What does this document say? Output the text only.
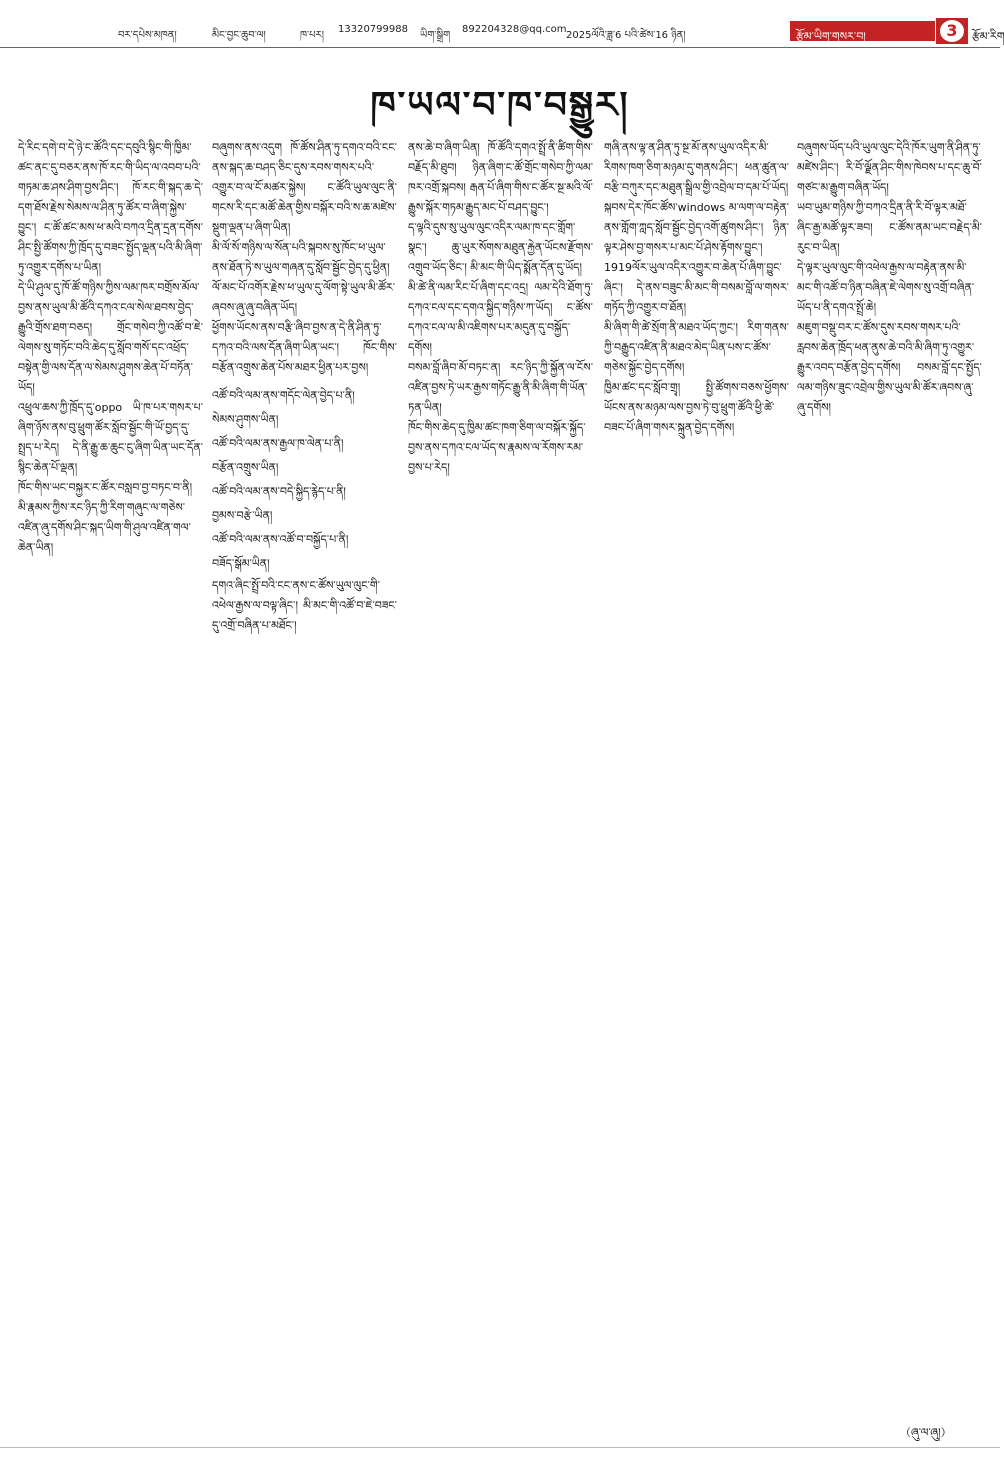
བར་དཔེས་མཁན།	མིང་བྱང་ཆུབ་ལ།	ཁ་པར།
13320799988
ཡིག་སྒྲིག
892204328@qq.com
2025ལོའི་ཟླ་6 པའི་ཚེས་16 ཉིན།	རྩོམ་ཡིག་གསར་བ།	3	རྩོམ་རིག
ཁ་ཡལ་བ་ཁ་བསྒྱུར།
དེ་རིང་དགེ་བ་དེ་ཉེ་ང་ཚོའི་དང་དབུའི་སྙིང་གི་ཁྱིམ་ཚང་ནང་དུ་བཅར་ནས་ཁོ་རང་གི་ཡིད་ལ་འབབ་པའི་གཏམ་ཆ་ཤས་ཤིག་བྱས་ཤིང་། ཁོ་རང་གི་སྐད་ཆ་དེ་དག་ཐོས་རྗེས་སེམས་ལ་ཤིན་ཏུ་ཚོར་བ་ཞིག་སྐྱེས་བྱུང་། ང་ཚོ་ཚང་མས་ཕ་མའི་བཀའ་དྲིན་དྲན་དགོས་ཤིང་སྤྱི་ཚོགས་ཀྱི་ཁྲོད་དུ་བཟང་སྤྱོད་ལྡན་པའི་མི་ཞིག་ཏུ་འགྱུར་དགོས་པ་ཡིན།
དེ་ཡི་ཤུལ་དུ་ཁོ་ཚོ་གཉིས་ཀྱིས་ལམ་ཁར་བགྲོས་མོལ་བྱས་ནས་ཡུལ་མི་ཚོའི་དཀའ་ངལ་སེལ་ཐབས་བྱེད་རྒྱུའི་གྲོས་ཐག་བཅད། གྲོང་གསེབ་ཀྱི་འཚོ་བ་ཇེ་ལེགས་སུ་གཏོང་བའི་ཆེད་དུ་སློབ་གསོ་དང་འཕྲོད་བསྟེན་གྱི་ལས་དོན་ལ་སེམས་ཤུགས་ཆེན་པོ་བཏོན་ཡོད།
འཕྲུལ་ཆས་ཀྱི་ཁྲོད་དུ་oppo ཡི་ཁ་པར་གསར་པ་ཞིག་ཉོས་ནས་བུ་ཕྲུག་ཚོར་སློབ་སྦྱོང་གི་ཡོ་བྱད་དུ་སྤྲད་པ་རེད། དེ་ནི་རྒྱུ་ཆ་ཆུང་ངུ་ཞིག་ཡིན་ཡང་དོན་སྙིང་ཆེན་པོ་ལྡན།
ཁོང་གིས་ཡང་བསྐྱར་ང་ཚོར་བསླབ་བྱ་བཏང་བ་ནི། མི་རྣམས་ཀྱིས་རང་ཉིད་ཀྱི་རིག་གཞུང་ལ་གཅེས་འཛིན་ཞུ་དགོས་ཤིང་སྐད་ཡིག་གི་ཤུལ་འཛིན་གལ་ཆེན་ཡིན།
བཞུགས་ནས་འདུག ཁོ་ཚོས་ཤིན་ཏུ་དགའ་བའི་ངང་ནས་སྐད་ཆ་བཤད་ཅིང་དུས་རབས་གསར་པའི་འགྱུར་བ་ལ་ངོ་མཚར་སྐྱེས། ང་ཚོའི་ཡུལ་ལུང་ནི་གངས་རི་དང་མཚོ་ཆེན་གྱིས་བསྐོར་བའི་ས་ཆ་མཛེས་སྡུག་ལྡན་པ་ཞིག་ཡིན།
མི་ལོ་སོ་གཉིས་ལ་སོན་པའི་སྐབས་སུ་ཁོང་ཕ་ཡུལ་ནས་ཐོན་ཏེ་ས་ཡུལ་གཞན་དུ་སློབ་སྦྱོང་བྱེད་དུ་ཕྱིན། ལོ་མང་པོ་འགོར་རྗེས་ཕ་ཡུལ་དུ་ལོག་སྟེ་ཡུལ་མི་ཚོར་ཞབས་ཞུ་ཞུ་བཞིན་ཡོད།
ཕྱོགས་ཡོངས་ནས་བརྩི་ཞིབ་བྱས་ན་དེ་ནི་ཤིན་ཏུ་དཀའ་བའི་ལས་དོན་ཞིག་ཡིན་ཡང་། ཁོང་གིས་བརྩོན་འགྲུས་ཆེན་པོས་མཐར་ཕྱིན་པར་བྱས།
འཚོ་བའི་ལམ་ནས་གདོང་ལེན་བྱེད་པ་ནི།
སེམས་ཤུགས་ཡིན།
འཚོ་བའི་ལམ་ནས་རྒྱལ་ཁ་ལེན་པ་ནི།
བརྩོན་འགྲུས་ཡིན།
འཚོ་བའི་ལམ་ནས་བདེ་སྐྱིད་རྙེད་པ་ནི།
བྱམས་བརྩེ་ཡིན།
འཚོ་བའི་ལམ་ནས་འཚོ་བ་བསྐྱོད་པ་ནི།
བཟོད་སྒོམ་ཡིན།
དགའ་ཞིང་སྤྲོ་བའི་ངང་ནས་ང་ཚོས་ཡུལ་ལུང་གི་འཕེལ་རྒྱས་ལ་བལྟ་ཞིང་། མི་མང་གི་འཚོ་བ་ཇེ་བཟང་དུ་འགྲོ་བཞིན་པ་མཐོང་།
ནས་ཆེ་བ་ཞིག་ཡིན། ཁོ་ཚོའི་དགའ་སྤྲོ་ནི་ཚིག་གིས་བརྗོད་མི་ཐུབ། ཉིན་ཞིག་ང་ཚོ་གྲོང་གསེབ་ཀྱི་ལམ་ཁར་འགྲོ་སྐབས། རྒན་པོ་ཞིག་གིས་ང་ཚོར་སྔ་མའི་ལོ་རྒྱུས་སྐོར་གཏམ་རྒྱུད་མང་པོ་བཤད་བྱུང་།
ད་ལྟའི་དུས་སུ་ཡུལ་ལུང་འདིར་ལམ་ཁ་དང་གློག་སྣང་། ཆུ་ཡུར་སོགས་མཐུན་རྐྱེན་ཡོངས་རྫོགས་འགྲུབ་ཡོད་ཅིང་། མི་མང་གི་ཡིད་སྨོན་དོན་དུ་ཡོད།
མི་ཚེ་ནི་ལམ་རིང་པོ་ཞིག་དང་འདྲ། ལམ་དེའི་ཐོག་ཏུ་དཀའ་ངལ་དང་དགའ་སྐྱིད་གཉིས་ཀ་ཡོད། ང་ཚོས་དཀའ་ངལ་ལ་མི་འཇིགས་པར་མདུན་དུ་བསྐྱོད་དགོས།
བསམ་བློ་ཞིབ་མོ་བཏང་ན། རང་ཉིད་ཀྱི་སྐྱོན་ལ་ངོས་འཛིན་བྱས་ཏེ་ཡར་རྒྱས་གཏོང་རྒྱུ་ནི་མི་ཞིག་གི་ཡོན་ཏན་ཡིན།
ཁོང་གིས་ཆེད་དུ་ཁྱིམ་ཚང་ཁག་ཅིག་ལ་བསྐོར་སྐྱོད་བྱས་ནས་དཀའ་ངལ་ཡོད་ས་རྣམས་ལ་རོགས་རམ་བྱས་པ་རེད།
གཞི་ནས་ལྟ་ན་ཤིན་ཏུ་སྔ་མོ་ནས་ཡུལ་འདིར་མི་རིགས་ཁག་ཅིག་མཉམ་དུ་གནས་ཤིང་། ཕན་ཚུན་ལ་བརྩི་བཀུར་དང་མཐུན་སྒྲིལ་གྱི་འབྲེལ་བ་དམ་པོ་ཡོད།
སྐབས་དེར་ཁོང་ཚོས་windows མ་ལག་ལ་བརྟེན་ནས་གློག་ཀླད་སློབ་སྦྱོང་བྱེད་འགོ་ཚུགས་ཤིང་། ཉིན་ལྟར་ཤེས་བྱ་གསར་པ་མང་པོ་ཤེས་རྟོགས་བྱུང་།
1919ལོར་ཡུལ་འདིར་འགྱུར་བ་ཆེན་པོ་ཞིག་བྱུང་ཞིང་། དེ་ནས་བཟུང་མི་མང་གི་བསམ་བློ་ལ་གསར་གཏོད་ཀྱི་འགྱུར་བ་ཐོན།
མི་ཞིག་གི་ཚེ་སྲོག་ནི་མཐའ་ཡོད་ཀྱང་། རིག་གནས་ཀྱི་བརྒྱུད་འཛིན་ནི་མཐའ་མེད་ཡིན་པས་ང་ཚོས་གཅེས་སྐྱོང་བྱེད་དགོས།
ཁྱིམ་ཚང་དང་སློབ་གྲྭ། སྤྱི་ཚོགས་བཅས་ཕྱོགས་ཡོངས་ནས་མཉམ་ལས་བྱས་ཏེ་བུ་ཕྲུག་ཚོའི་ཕྱི་ཚེ་བཟང་པོ་ཞིག་གསར་སྐྲུན་བྱེད་དགོས།
བཞུགས་ཡོད་པའི་ཡུལ་ལུང་དེའི་ཁོར་ཡུག་ནི་ཤིན་ཏུ་མཛེས་ཤིང་། རི་བོ་ལྗོན་ཤིང་གིས་ཁེབས་པ་དང་ཆུ་བོ་གཙང་མ་རྒྱུག་བཞིན་ཡོད།
ཡབ་ཡུམ་གཉིས་ཀྱི་བཀའ་དྲིན་ནི་རི་བོ་ལྟར་མཐོ་ཞིང་རྒྱ་མཚོ་ལྟར་ཟབ། ང་ཚོས་ནམ་ཡང་བརྗེད་མི་རུང་བ་ཡིན།
དེ་ལྟར་ཡུལ་ལུང་གི་འཕེལ་རྒྱས་ལ་བརྟེན་ནས་མི་མང་གི་འཚོ་བ་ཉིན་བཞིན་ཇེ་ལེགས་སུ་འགྲོ་བཞིན་ཡོད་པ་ནི་དགའ་སྤྲོ་ཆེ།
མཇུག་བསྡུ་བར་ང་ཚོས་དུས་རབས་གསར་པའི་རླབས་ཆེན་ཁྲོད་ཕན་ནུས་ཆེ་བའི་མི་ཞིག་ཏུ་འགྱུར་རྒྱུར་འབད་བརྩོན་བྱེད་དགོས། བསམ་བློ་དང་སྤྱོད་ལམ་གཉིས་ཟུང་འབྲེལ་གྱིས་ཡུལ་མི་ཚོར་ཞབས་ཞུ་ཞུ་དགོས།
（ཞུ་ལ་ཞུ།）
